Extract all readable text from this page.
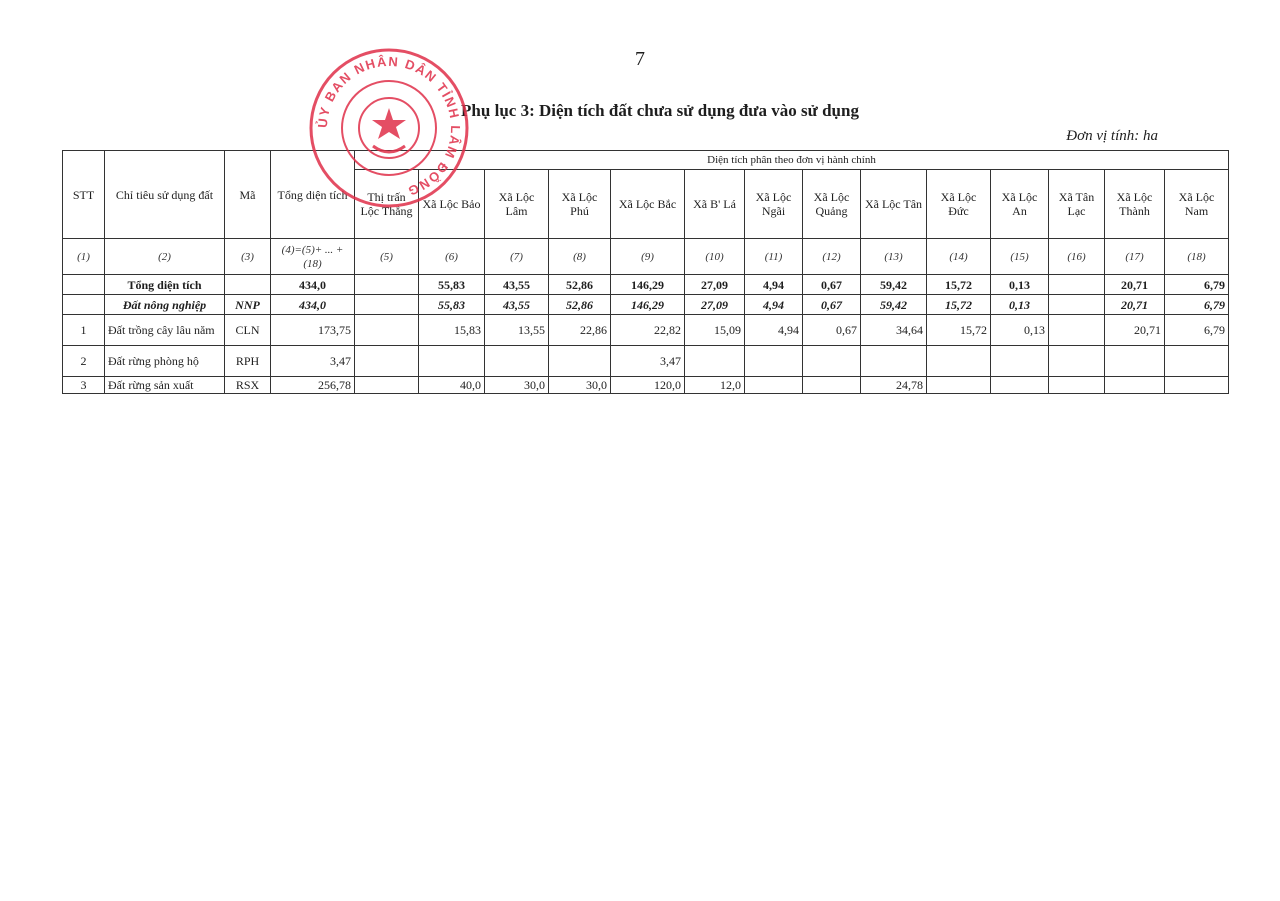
7
Phụ lục 3: Diện tích đất chưa sử dụng đưa vào sử dụng
Đơn vị tính: ha
STT	Chỉ tiêu sử dụng đất	Mã	Tổng diện tích	Diện tích phân theo đơn vị hành chính													
				Thị trấn Lộc Thắng	Xã Lộc Bảo	Xã Lộc Lâm	Xã Lộc Phú	Xã Lộc Bắc	Xã B' Lá	Xã Lộc Ngãi	Xã Lộc Quảng	Xã Lộc Tân	Xã Lộc Đức	Xã Lộc An	Xã Tân Lạc	Xã Lộc Thành	Xã Lộc Nam
(1)	(2)	(3)	(4)=(5)+ ... + (18)	(5)	(6)	(7)	(8)	(9)	(10)	(11)	(12)	(13)	(14)	(15)	(16)	(17)	(18)
	Tổng diện tích		434,0		55,83	43,55	52,86	146,29	27,09	4,94	0,67	59,42	15,72	0,13		20,71	6,79
	Đất nông nghiệp	NNP	434,0		55,83	43,55	52,86	146,29	27,09	4,94	0,67	59,42	15,72	0,13		20,71	6,79
1	Đất trồng cây lâu năm	CLN	173,75		15,83	13,55	22,86	22,82	15,09	4,94	0,67	34,64	15,72	0,13		20,71	6,79
2	Đất rừng phòng hộ	RPH	3,47					3,47									
3	Đất rừng sản xuất	RSX	256,78		40,0	30,0	30,0	120,0	12,0			24,78					
ỦY BAN NHÂN DÂN TỈNH LÂM ĐỒNG
